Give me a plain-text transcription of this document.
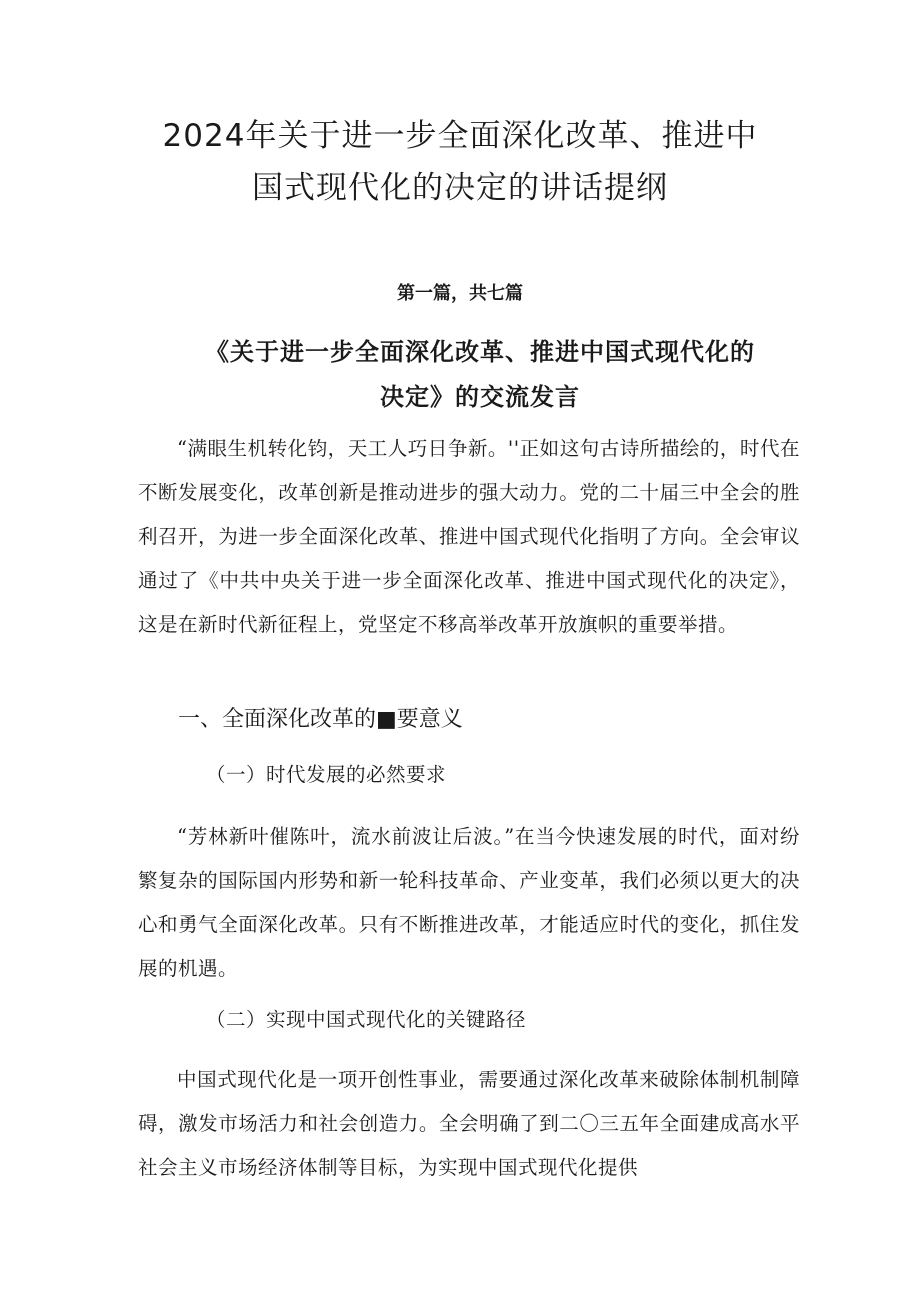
2024年关于进一步全面深化改革、推进中
国式现代化的决定的讲话提纲
第一篇，共七篇
《关于进一步全面深化改革、推进中国式现代化的
决定》的交流发言

“满眼生机转化钧，天工人巧日争新。''正如这句古诗所描绘的，时代在不断发展变化，改革创新是推动进步的强大动力。党的二十届三中全会的胜利召开，为进一步全面深化改革、推进中国式现代化指明了方向。全会审议通过了《中共中央关于进一步全面深化改革、推进中国式现代化的决定》，这是在新时代新征程上，党坚定不移高举改革开放旗帜的重要举措。

一、全面深化改革的■要意义
（一）时代发展的必然要求

“芳林新叶催陈叶，流水前波让后波。”在当今快速发展的时代，面对纷繁复杂的国际国内形势和新一轮科技革命、产业变革，我们必须以更大的决心和勇气全面深化改革。只有不断推进改革，才能适应时代的变化，抓住发展的机遇。

（二）实现中国式现代化的关键路径

中国式现代化是一项开创性事业，需要通过深化改革来破除体制机制障碍，激发市场活力和社会创造力。全会明确了到二〇三五年全面建成高水平社会主义市场经济体制等目标，为实现中国式现代化提供
